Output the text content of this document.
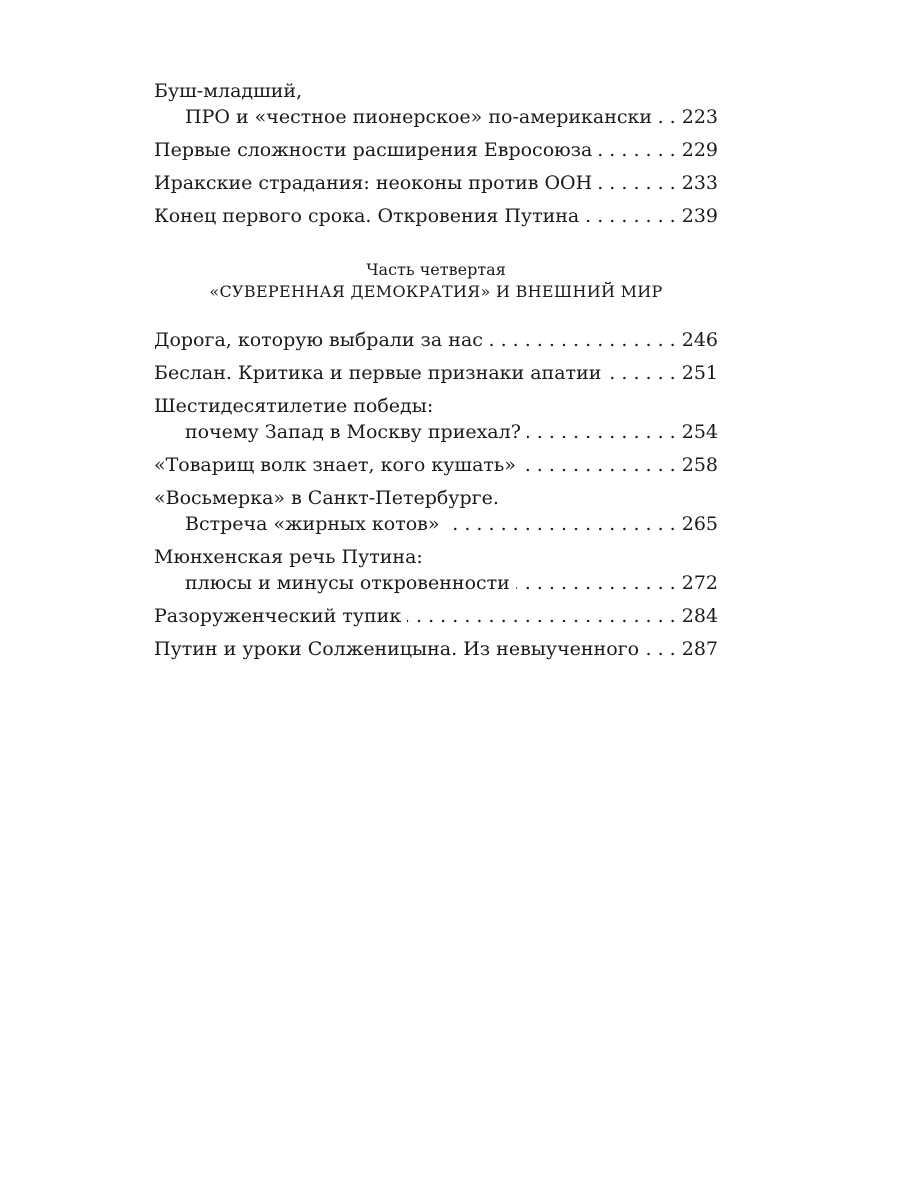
Буш-младший,
ПРО и «честное пионерское» по-американски . . . 223
Первые сложности расширения Евросоюза . . .	229
Иракские страдания: неоконы против ООН . . .	233
Конец первого срока. Откровения Путина . . .	239
Часть четвертая
«СУВЕРЕННАЯ ДЕМОКРАТИЯ» И ВНЕШНИЙ МИР
Дорога, которую выбрали за нас . . .	246
Беслан. Критика и первые признаки апатии . . .	251
Шестидесятилетие победы:
почему Запад в Москву приехал? . . .	254
«Товарищ волк знает, кого кушать» . . .	258
«Восьмерка» в Санкт-Петербурге.
Встреча «жирных котов» . . .	265
Мюнхенская речь Путина:
плюсы и минусы откровенности . . .	272
Разоруженческий тупик . . .	284
Путин и уроки Солженицына. Из невыученного . . . 287
